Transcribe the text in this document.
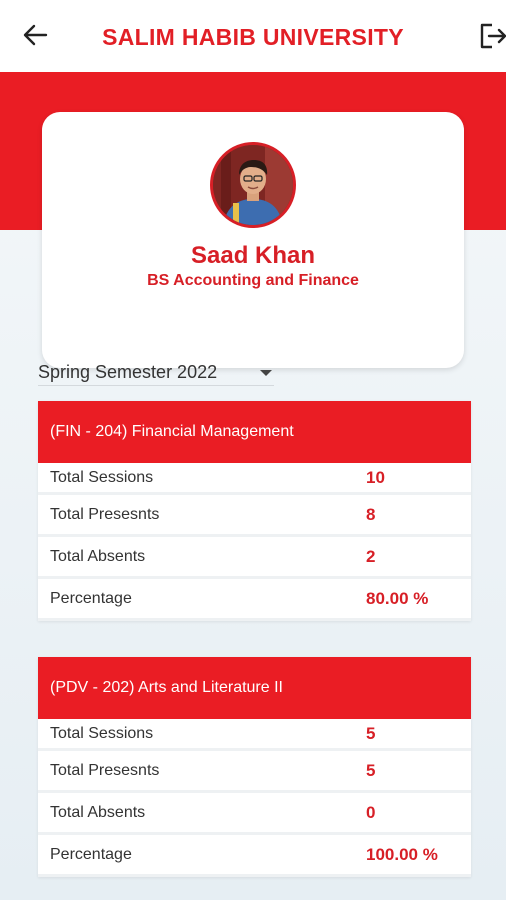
SALIM HABIB UNIVERSITY
Saad Khan
BS Accounting and Finance
Spring Semester 2022
(FIN - 204) Financial Management
Total Sessions	10
Total Presesnts	8
Total Absents	2
Percentage	80.00 %
(PDV - 202) Arts and Literature II
Total Sessions	5
Total Presesnts	5
Total Absents	0
Percentage	100.00 %
